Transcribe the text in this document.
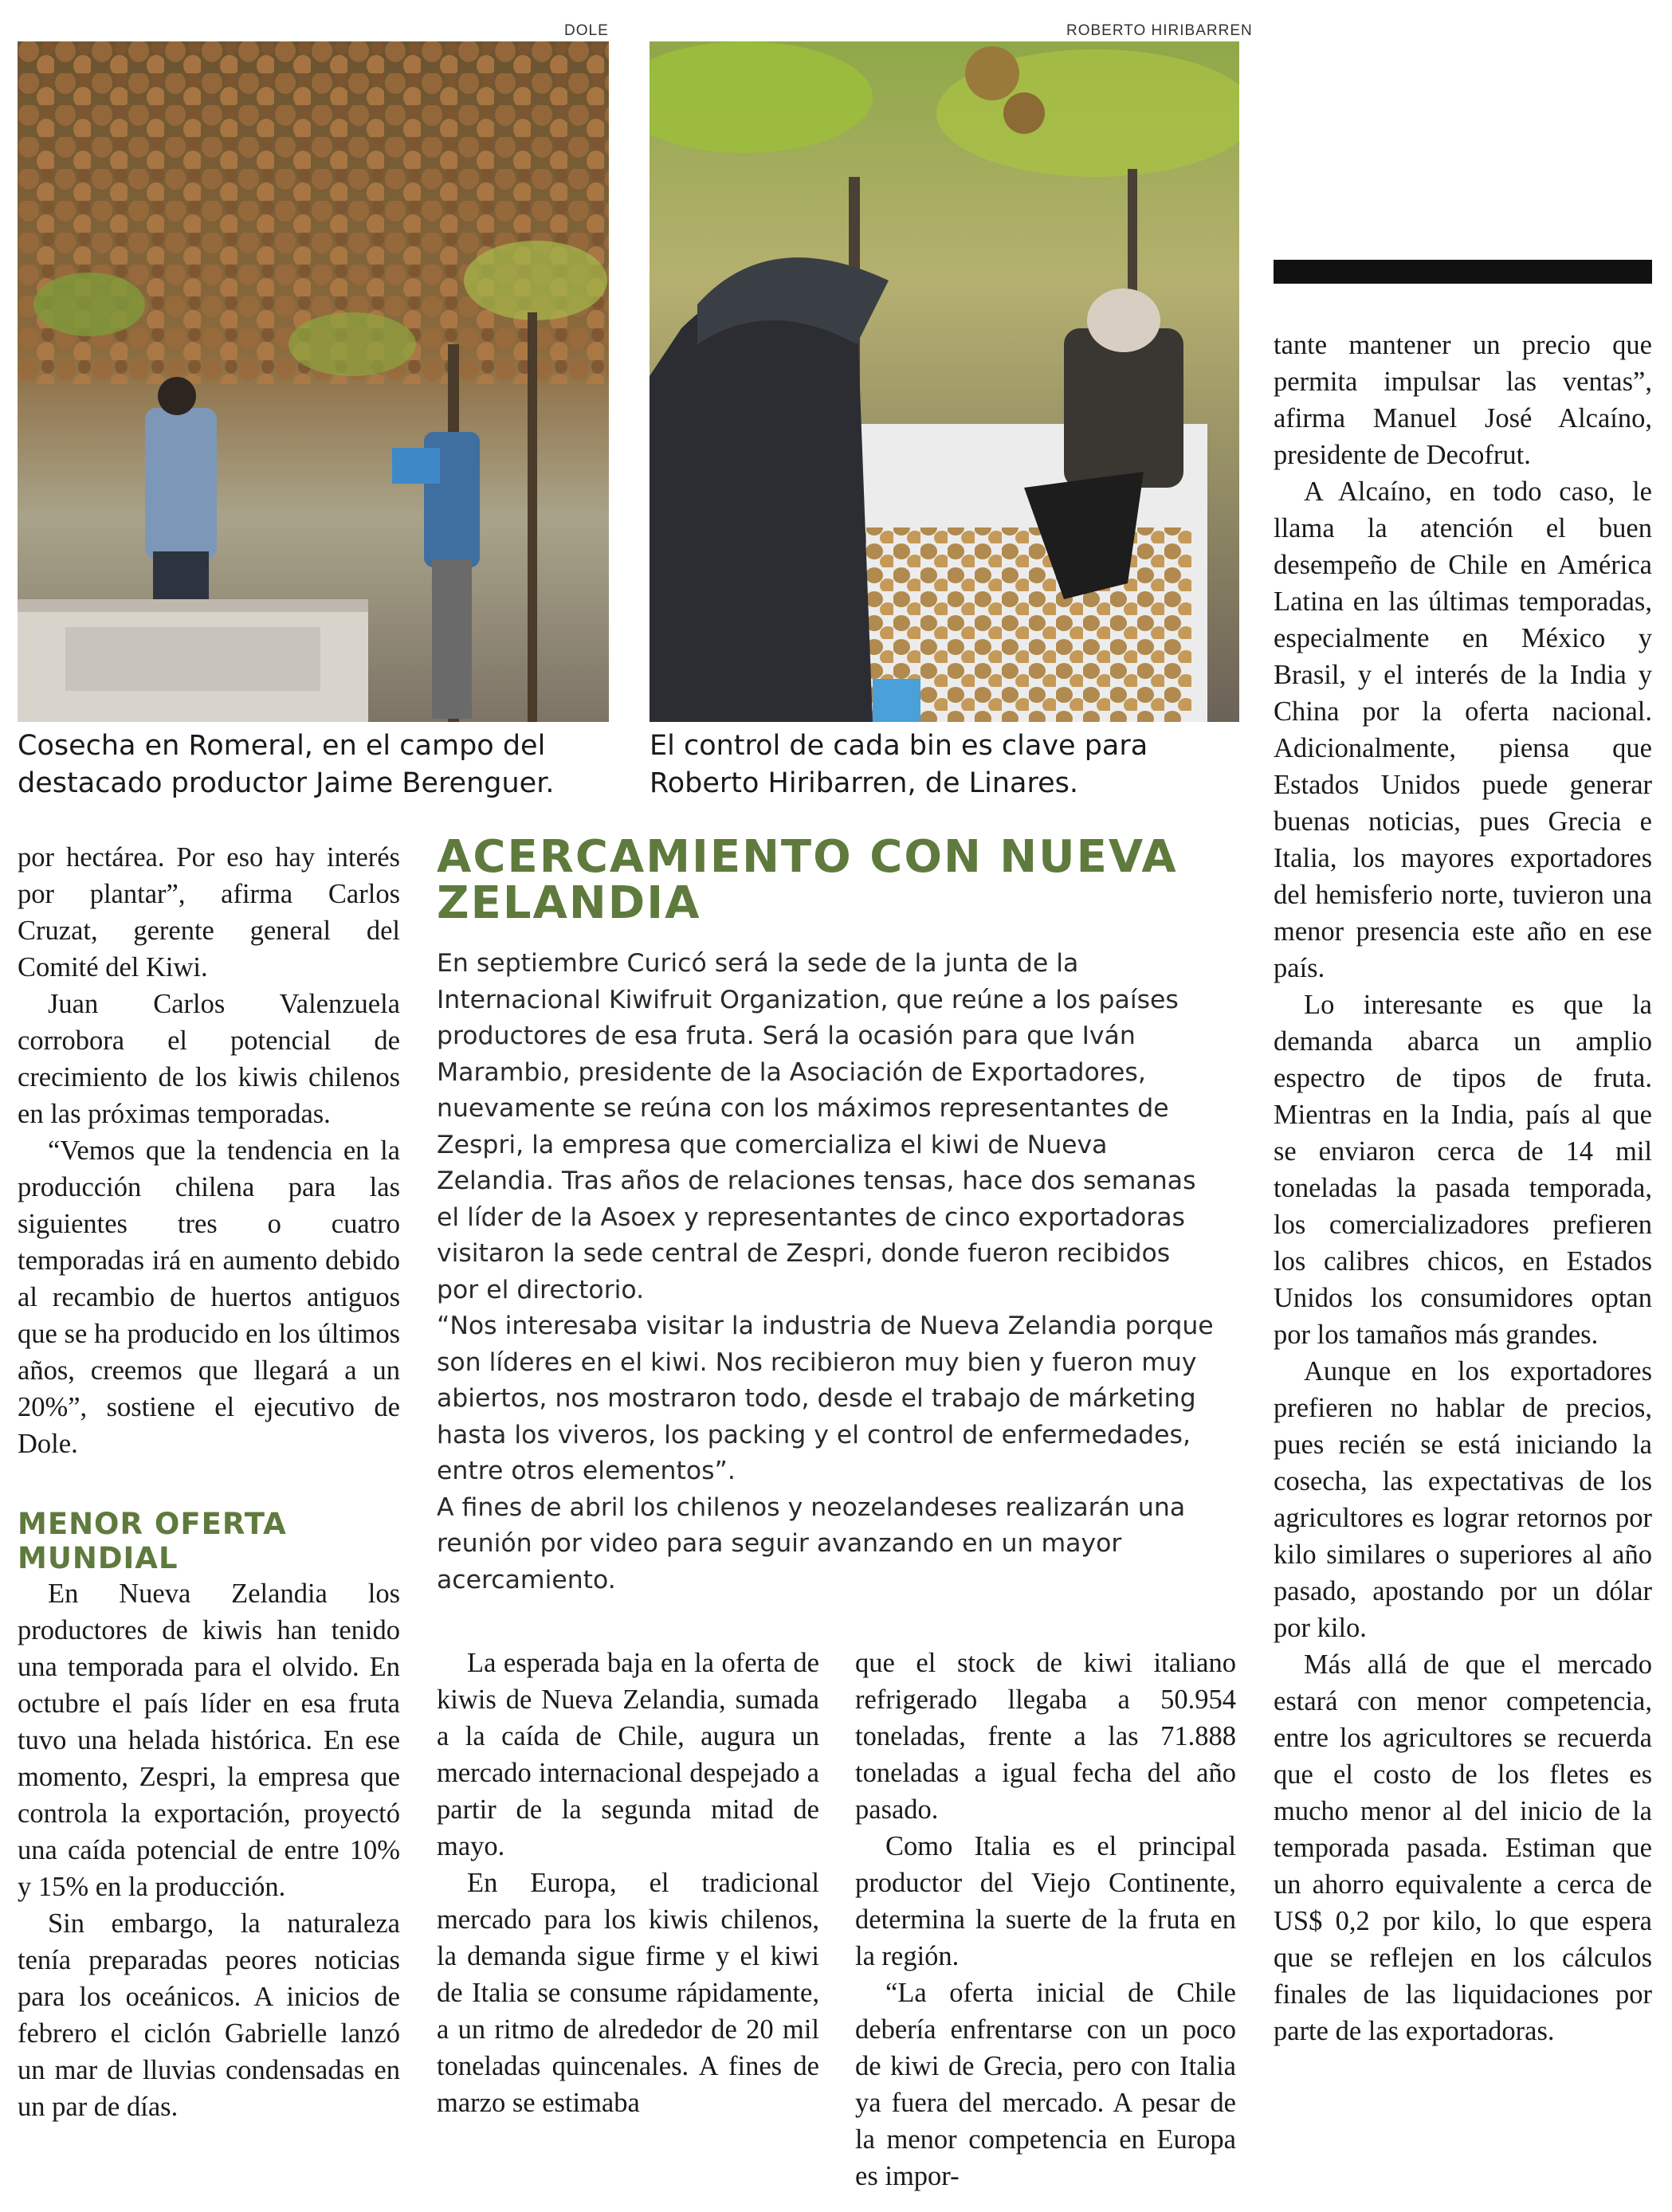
DOLE	ROBERTO HIRIBARREN
Cosecha en Romeral, en el campo del destacado productor Jaime Berenguer.
El control de cada bin es clave para Roberto Hiribarren, de Linares.

por hectárea. Por eso hay interés por plantar”, afirma Carlos Cruzat, gerente general del Comité del Kiwi.

Juan Carlos Valenzuela corrobora el potencial de crecimiento de los kiwis chilenos en las próximas temporadas.

“Vemos que la tendencia en la producción chilena para las siguientes tres o cuatro temporadas irá en aumento debido al recambio de huertos antiguos que se ha producido en los últimos años, creemos que llegará a un 20%”, sostiene el ejecutivo de Dole.

MENOR OFERTA MUNDIAL

En Nueva Zelandia los productores de kiwis han tenido una temporada para el olvido. En octubre el país líder en esa fruta tuvo una helada histórica. En ese momento, Zespri, la empresa que controla la exportación, proyectó una caída potencial de entre 10% y 15% en la producción.

Sin embargo, la naturaleza tenía preparadas peores noticias para los oceánicos. A inicios de febrero el ciclón Gabrielle lanzó un mar de lluvias condensadas en un par de días.

ACERCAMIENTO CON NUEVA ZELANDIA

En septiembre Curicó será la sede de la junta de la Internacional Kiwifruit Organization, que reúne a los países productores de esa fruta. Será la ocasión para que Iván Marambio, presidente de la Asociación de Exportadores, nuevamente se reúna con los máximos representantes de Zespri, la empresa que comercializa el kiwi de Nueva Zelandia. Tras años de relaciones tensas, hace dos semanas el líder de la Asoex y representantes de cinco exportadoras visitaron la sede central de Zespri, donde fueron recibidos por el directorio.

“Nos interesaba visitar la industria de Nueva Zelandia porque son líderes en el kiwi. Nos recibieron muy bien y fueron muy abiertos, nos mostraron todo, desde el trabajo de márketing hasta los viveros, los packing y el control de enfermedades, entre otros elementos”.

A fines de abril los chilenos y neozelandeses realizarán una reunión por video para seguir avanzando en un mayor acercamiento.

La esperada baja en la oferta de kiwis de Nueva Zelandia, sumada a la caída de Chile, augura un mercado internacional despejado a partir de la segunda mitad de mayo.

En Europa, el tradicional mercado para los kiwis chilenos, la demanda sigue firme y el kiwi de Italia se consume rápidamente, a un ritmo de alrededor de 20 mil toneladas quincenales. A fines de marzo se estimaba

que el stock de kiwi italiano refrigerado llegaba a 50.954 toneladas, frente a las 71.888 toneladas a igual fecha del año pasado.

Como Italia es el principal productor del Viejo Continente, determina la suerte de la fruta en la región.

“La oferta inicial de Chile debería enfrentarse con un poco de kiwi de Grecia, pero con Italia ya fuera del mercado. A pesar de la menor competencia en Europa es impor-

tante mantener un precio que permita impulsar las ventas”, afirma Manuel José Alcaíno, presidente de Decofrut.

A Alcaíno, en todo caso, le llama la atención el buen desempeño de Chile en América Latina en las últimas temporadas, especialmente en México y Brasil, y el interés de la India y China por la oferta nacional. Adicionalmente, piensa que Estados Unidos puede generar buenas noticias, pues Grecia e Italia, los mayores exportadores del hemisferio norte, tuvieron una menor presencia este año en ese país.

Lo interesante es que la demanda abarca un amplio espectro de tipos de fruta. Mientras en la India, país al que se enviaron cerca de 14 mil toneladas la pasada temporada, los comercializadores prefieren los calibres chicos, en Estados Unidos los consumidores optan por los tamaños más grandes.

Aunque en los exportadores prefieren no hablar de precios, pues recién se está iniciando la cosecha, las expectativas de los agricultores es lograr retornos por kilo similares o superiores al año pasado, apostando por un dólar por kilo.

Más allá de que el mercado estará con menor competencia, entre los agricultores se recuerda que el costo de los fletes es mucho menor al del inicio de la temporada pasada. Estiman que un ahorro equivalente a cerca de US$ 0,2 por kilo, lo que espera que se reflejen en los cálculos finales de las liquidaciones por parte de las exportadoras.
